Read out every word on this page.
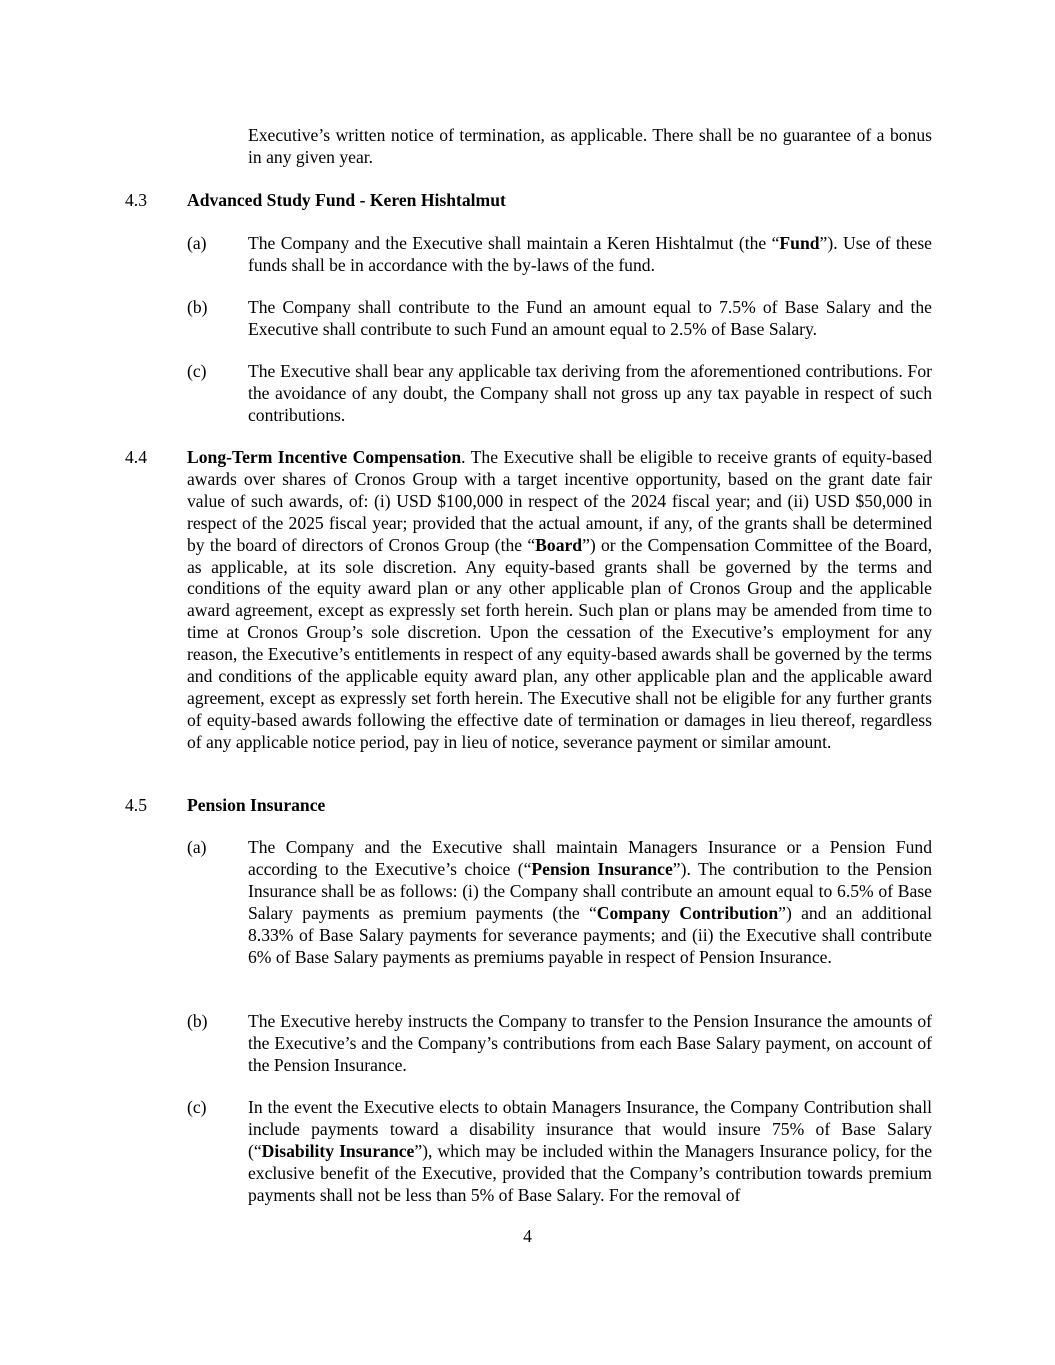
Executive’s written notice of termination, as applicable. There shall be no guarantee of a bonus in any given year.

4.3 Advanced Study Fund - Keren Hishtalmut
(a) The Company and the Executive shall maintain a Keren Hishtalmut (the “Fund”). Use of these funds shall be in accordance with the by-laws of the fund.

(b) The Company shall contribute to the Fund an amount equal to 7.5% of Base Salary and the Executive shall contribute to such Fund an amount equal to 2.5% of Base Salary.

(c) The Executive shall bear any applicable tax deriving from the aforementioned contributions. For the avoidance of any doubt, the Company shall not gross up any tax payable in respect of such contributions.

4.4 Long-Term Incentive Compensation. The Executive shall be eligible to receive grants of equity-based awards over shares of Cronos Group with a target incentive opportunity, based on the grant date fair value of such awards, of: (i) USD $100,000 in respect of the 2024 fiscal year; and (ii) USD $50,000 in respect of the 2025 fiscal year; provided that the actual amount, if any, of the grants shall be determined by the board of directors of Cronos Group (the “Board”) or the Compensation Committee of the Board, as applicable, at its sole discretion. Any equity-based grants shall be governed by the terms and conditions of the equity award plan or any other applicable plan of Cronos Group and the applicable award agreement, except as expressly set forth herein. Such plan or plans may be amended from time to time at Cronos Group’s sole discretion. Upon the cessation of the Executive’s employment for any reason, the Executive’s entitlements in respect of any equity-based awards shall be governed by the terms and conditions of the applicable equity award plan, any other applicable plan and the applicable award agreement, except as expressly set forth herein. The Executive shall not be eligible for any further grants of equity-based awards following the effective date of termination or damages in lieu thereof, regardless of any applicable notice period, pay in lieu of notice, severance payment or similar amount.

4.5 Pension Insurance
(a) The Company and the Executive shall maintain Managers Insurance or a Pension Fund according to the Executive’s choice (“Pension Insurance”). The contribution to the Pension Insurance shall be as follows: (i) the Company shall contribute an amount equal to 6.5% of Base Salary payments as premium payments (the “Company Contribution”) and an additional 8.33% of Base Salary payments for severance payments; and (ii) the Executive shall contribute 6% of Base Salary payments as premiums payable in respect of Pension Insurance.

(b) The Executive hereby instructs the Company to transfer to the Pension Insurance the amounts of the Executive’s and the Company’s contributions from each Base Salary payment, on account of the Pension Insurance.

(c) In the event the Executive elects to obtain Managers Insurance, the Company Contribution shall include payments toward a disability insurance that would insure 75% of Base Salary (“Disability Insurance”), which may be included within the Managers Insurance policy, for the exclusive benefit of the Executive, provided that the Company’s contribution towards premium payments shall not be less than 5% of Base Salary. For the removal of

4
